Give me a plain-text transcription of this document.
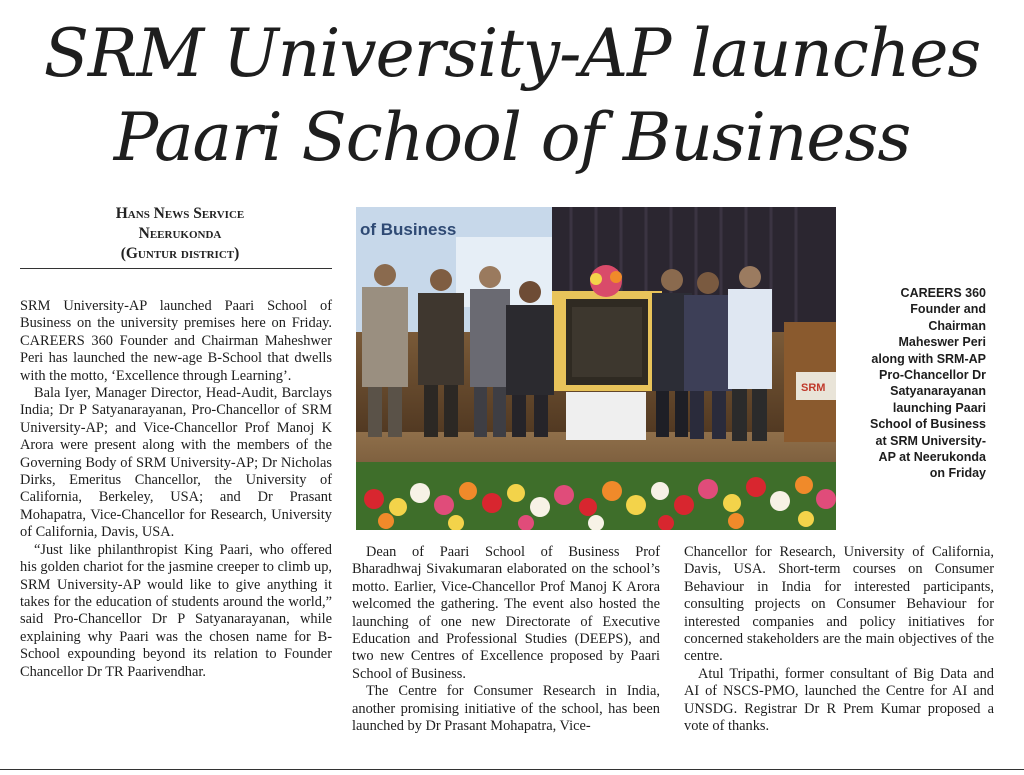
SRM University-AP launches
Paari School of Business
Hans News Service
Neerukonda
(Guntur district)
of Business
SRM
CAREERS 360
Founder and
Chairman
Maheswer Peri
along with SRM-AP
Pro-Chancellor Dr
Satyanarayanan
launching Paari
School of Business
at SRM University-
AP at Neerukonda
on Friday

SRM University-AP launched Paari School of Business on the university premises here on Friday. CAREERS 360 Founder and Chairman Maheshwer Peri has launched the new-age B-School that dwells with the motto, ‘Excellence through Learning’.

Bala Iyer, Manager Director, Head-Audit, Barclays India; Dr P Satyanarayanan, Pro-Chancellor of SRM University-AP; and Vice-Chancellor Prof Manoj K Arora were present along with the members of the Governing Body of SRM University-AP; Dr Nicholas Dirks, Emeritus Chancellor, the University of California, Berkeley, USA; and Dr Prasant Mohapatra, Vice-Chancellor for Research, University of California, Davis, USA.

“Just like philanthropist King Paari, who offered his golden chariot for the jasmine creeper to climb up, SRM University-AP would like to give anything it takes for the education of students around the world,” said Pro-Chancellor Dr P Satyanarayanan, while explaining why Paari was the chosen name for B-School expounding beyond its relation to Founder Chancellor Dr TR Paarivendhar.

Dean of Paari School of Business Prof Bharadhwaj Sivakumaran elaborated on the school’s motto. Earlier, Vice-Chancellor Prof Manoj K Arora welcomed the gathering. The event also hosted the launching of one new Directorate of Executive Education and Professional Studies (DEEPS), and two new Centres of Excellence proposed by Paari School of Business.

The Centre for Consumer Research in India, another promising initiative of the school, has been launched by Dr Prasant Mohapatra, Vice-

Chancellor for Research, University of California, Davis, USA. Short-term courses on Consumer Behaviour in India for interested participants, consulting projects on Consumer Behaviour for interested companies and policy initiatives for concerned stakeholders are the main objectives of the centre.

Atul Tripathi, former consultant of Big Data and AI of NSCS-PMO, launched the Centre for AI and UNSDG. Registrar Dr R Prem Kumar proposed a vote of thanks.
